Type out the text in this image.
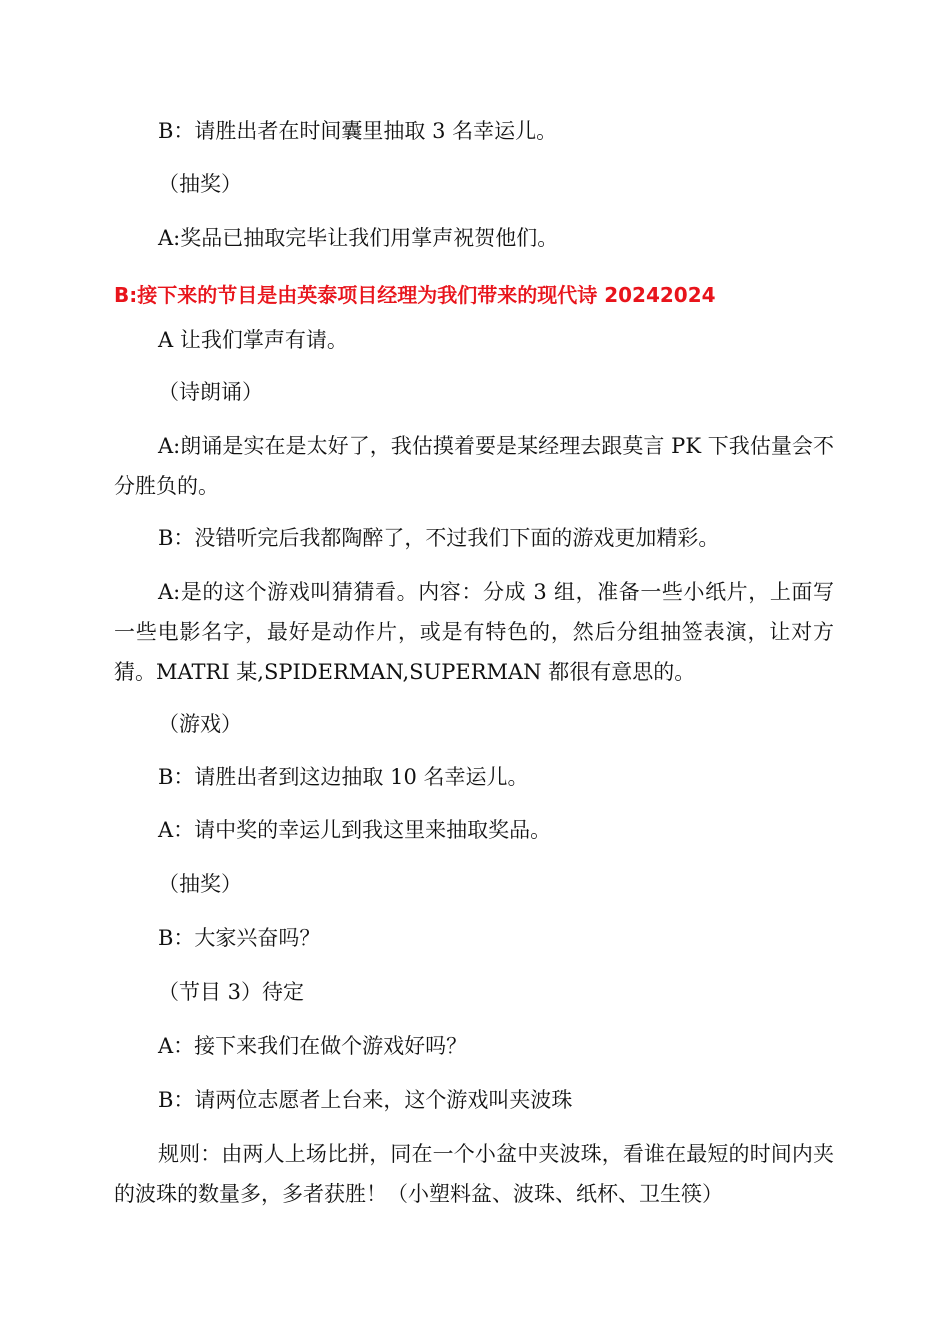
B：请胜出者在时间囊里抽取 3 名幸运儿。

（抽奖）

A:奖品已抽取完毕让我们用掌声祝贺他们。

B:接下来的节目是由英泰项目经理为我们带来的现代诗 20242024

A 让我们掌声有请。

（诗朗诵）

A:朗诵是实在是太好了，我估摸着要是某经理去跟莫言 PK 下我估量会不分胜负的。

B：没错听完后我都陶醉了，不过我们下面的游戏更加精彩。

A:是的这个游戏叫猜猜看。内容：分成 3 组，准备一些小纸片，上面写一些电影名字，最好是动作片，或是有特色的，然后分组抽签表演，让对方猜。MATRI 某,SPIDERMAN,SUPERMAN 都很有意思的。

（游戏）

B：请胜出者到这边抽取 10 名幸运儿。

A：请中奖的幸运儿到我这里来抽取奖品。

（抽奖）

B：大家兴奋吗？

（节目 3）待定

A：接下来我们在做个游戏好吗？

B：请两位志愿者上台来，这个游戏叫夹波珠

规则：由两人上场比拼，同在一个小盆中夹波珠，看谁在最短的时间内夹的波珠的数量多，多者获胜！（小塑料盆、波珠、纸杯、卫生筷）
